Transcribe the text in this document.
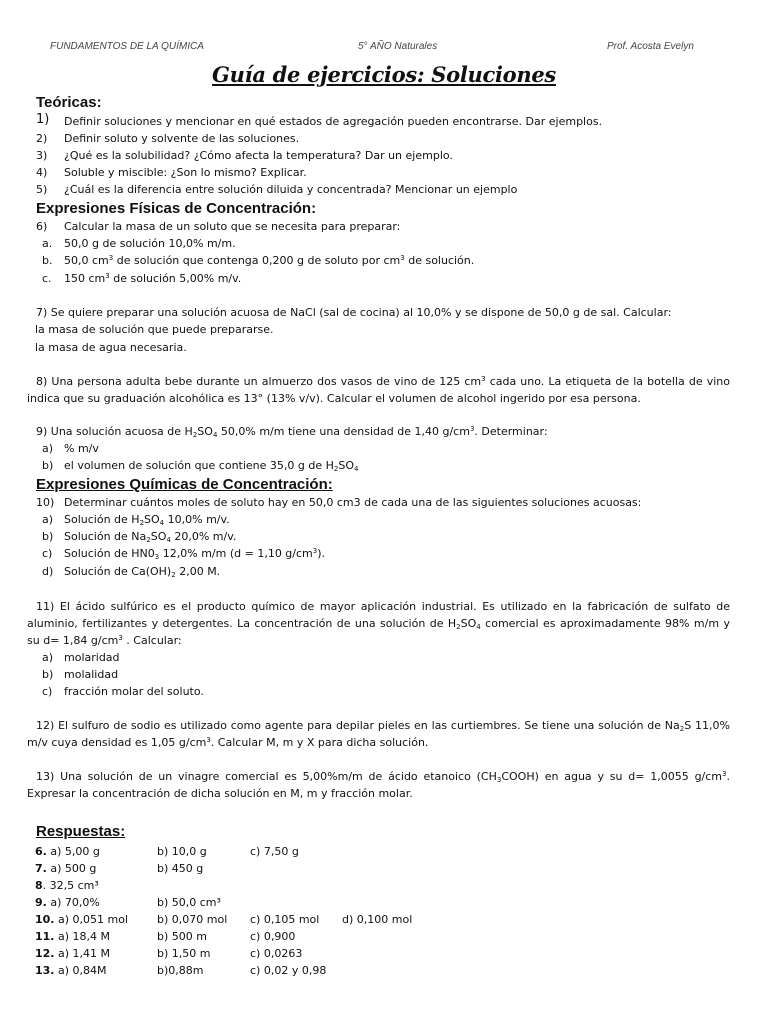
FUNDAMENTOS DE LA QUÍMICA	5° AÑO Naturales	Prof. Acosta Evelyn
Guía de ejercicios: Soluciones
Teóricas:
1) Definir soluciones y mencionar en qué estados de agregación pueden encontrarse. Dar ejemplos.
2) Definir soluto y solvente de las soluciones.
3) ¿Qué es la solubilidad? ¿Cómo afecta la temperatura? Dar un ejemplo.
4) Soluble y miscible: ¿Son lo mismo? Explicar.
5) ¿Cuál es la diferencia entre solución diluida y concentrada? Mencionar un ejemplo
Expresiones Físicas de Concentración:
6) Calcular la masa de un soluto que se necesita para preparar:
a. 50,0 g de solución 10,0% m/m.
b. 50,0 $cm^3$ de solución que contenga 0,200 g de soluto por $cm^3$ de solución.
c. 150 $cm^3$ de solución 5,00% m/v.
7) Se quiere preparar una solución acuosa de NaCl (sal de cocina) al 10,0% y se dispone de 50,0 g de sal. Calcular:
la masa de solución que puede prepararse.
la masa de agua necesaria.
8) Una persona adulta bebe durante un almuerzo dos vasos de vino de 125 $cm^3$ cada uno. La etiqueta de la botella de vino indica que su graduación alcohólica es 13° (13% v/v). Calcular el volumen de alcohol ingerido por esa persona.
9) Una solución acuosa de $H_2SO_4$ 50,0% m/m tiene una densidad de 1,40 $g/cm^3$. Determinar:
a) % m/v
b) el volumen de solución que contiene 35,0 g de $H_2SO_4$
Expresiones Químicas de Concentración:
10) Determinar cuántos moles de soluto hay en 50,0 cm3 de cada una de las siguientes soluciones acuosas:
a) Solución de $H_2SO_4$ 10,0% m/v.
b) Solución de $Na_2SO_4$ 20,0% m/v.
c) Solución de $HN0_3$ 12,0% m/m (d = 1,10 $g/cm^3$).
d) Solución de $Ca(OH)_2$ 2,00 M.
11) El ácido sulfúrico es el producto químico de mayor aplicación industrial. Es utilizado en la fabricación de sulfato de aluminio, fertilizantes y detergentes. La concentración de una solución de $H_2SO_4$ comercial es aproximadamente 98% m/m y su d= 1,84 $g/cm^3$ . Calcular:
a) molaridad
b) molalidad
c) fracción molar del soluto.
12) El sulfuro de sodio es utilizado como agente para depilar pieles en las curtiembres. Se tiene una solución de $Na_2S$ 11,0% m/v cuya densidad es 1,05 $g/cm^3$. Calcular M, m y X para dicha solución.
13) Una solución de un vinagre comercial es 5,00%m/m de ácido etanoico $(CH_3COOH)$ en agua y su d= 1,0055 $g/cm^3$. Expresar la concentración de dicha solución en M, m y fracción molar.
Respuestas:
6. a) 5,00 g	b) 10,0 g	c) 7,50 g
7. a) 500 g	b) 450 g
8. 32,5 cm³
9. a) 70,0%	b) 50,0 cm³
10. a) 0,051 mol	b) 0,070 mol c) 0,105 mol d) 0,100 mol
11. a) 18,4 M	b) 500 m	c) 0,900
12. a) 1,41 M	b) 1,50 m	c) 0,0263
13. a) 0,84M	b)0,88m	c) 0,02 y 0,98
